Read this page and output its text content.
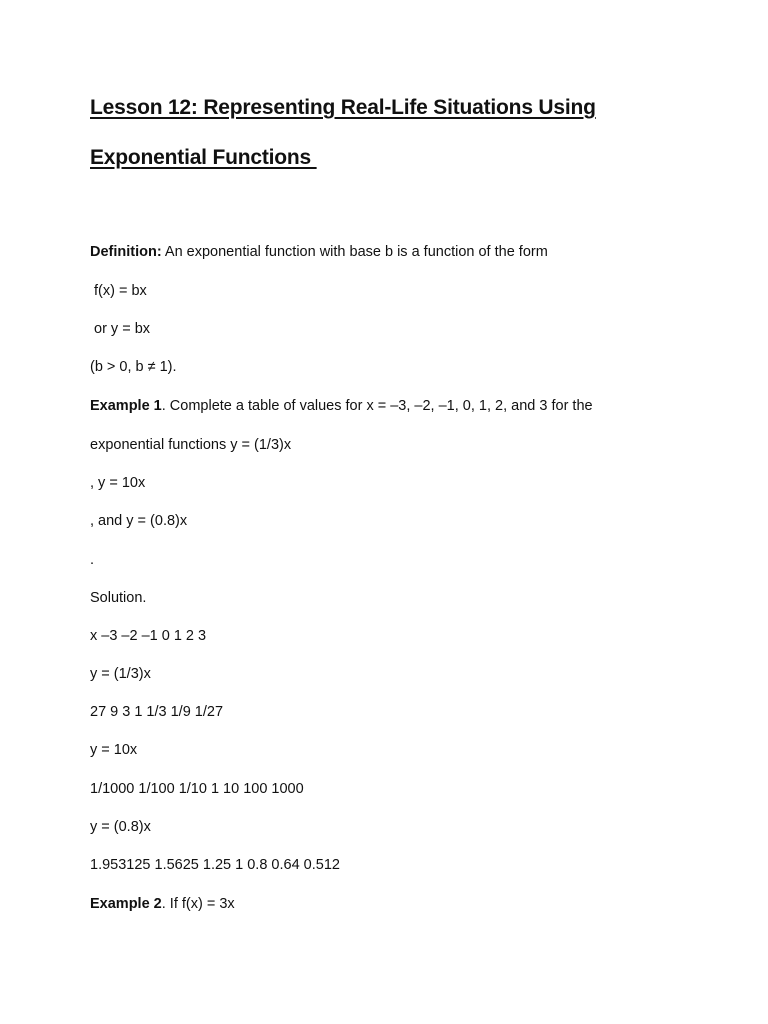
Lesson 12: Representing Real-Life Situations Using
Exponential Functions
Definition: An exponential function with base b is a function of the form
f(x) = bx
or y = bx
(b > 0, b ≠ 1).
Example 1. Complete a table of values for x = –3, –2, –1, 0, 1, 2, and 3 for the
exponential functions y = (1/3)x
, y = 10x
, and y = (0.8)x
.
Solution.
x –3 –2 –1 0 1 2 3
y = (1/3)x
27 9 3 1 1/3 1/9 1/27
y = 10x
1/1000 1/100 1/10 1 10 100 1000
y = (0.8)x
1.953125 1.5625 1.25 1 0.8 0.64 0.512
Example 2. If f(x) = 3x
